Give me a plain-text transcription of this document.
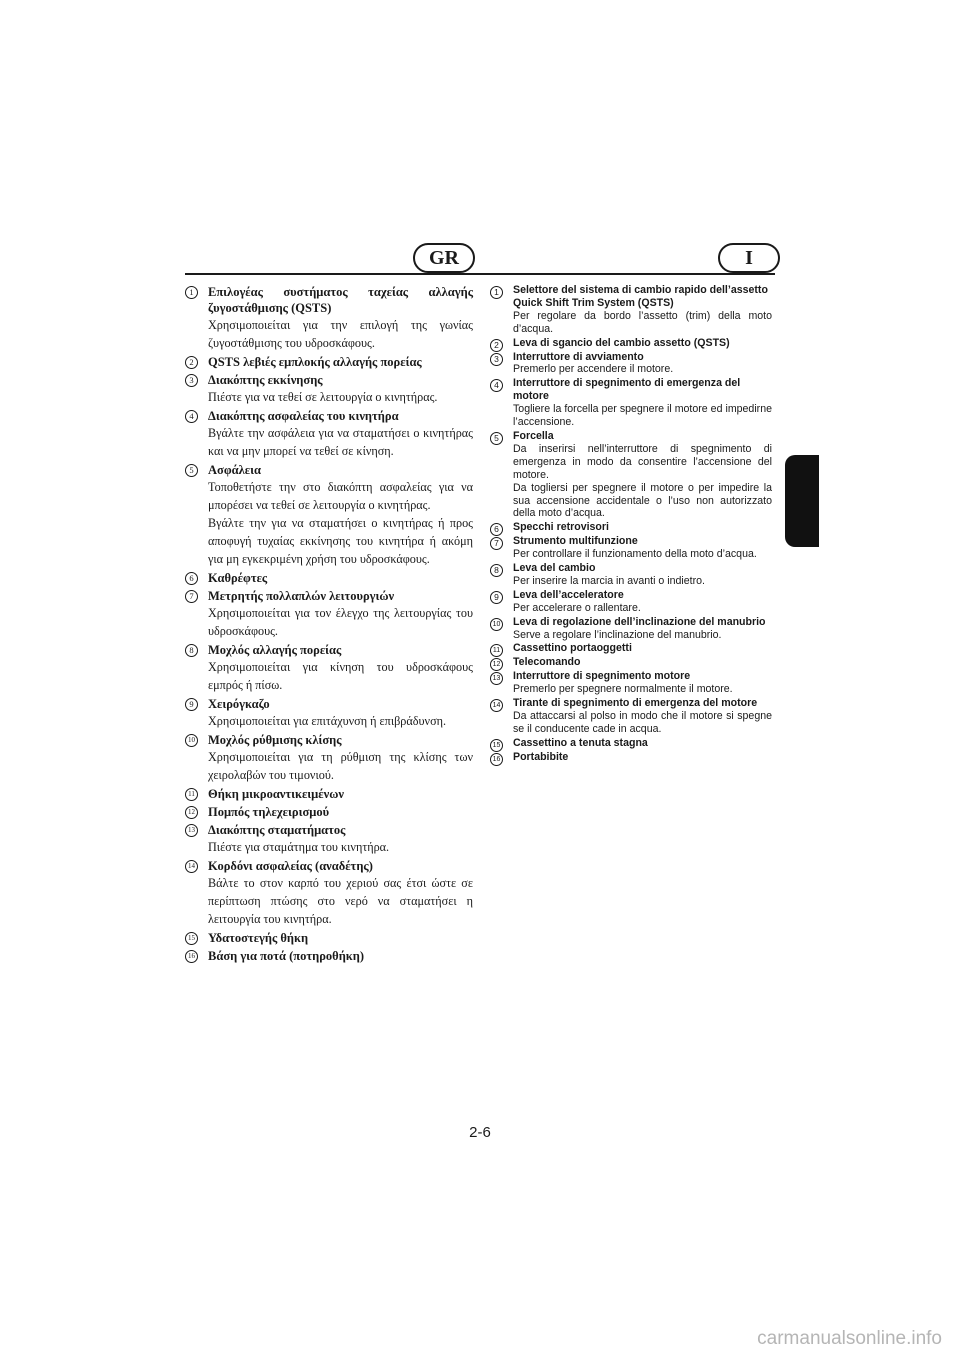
GR	I
1	Επιλογέας συστήματος ταχείας αλλαγής ζυγοστάθμισης (QSTS)
Χρησιμοποιείται για την επιλογή της γωνίας ζυγοστάθμισης του υδροσκάφους.
2	QSTS λεβιές εμπλοκής αλλαγής πορείας
3	Διακόπτης εκκίνησης
Πιέστε για να τεθεί σε λειτουργία ο κινητήρας.
4	Διακόπτης ασφαλείας του κινητήρα
Βγάλτε την ασφάλεια για να σταματήσει ο κινητήρας και να μην μπορεί να τεθεί σε κίνηση.
5	Ασφάλεια
Τοποθετήστε την στο διακόπτη ασφαλείας για να μπορέσει να τεθεί σε λειτουργία ο κινητήρας.
Βγάλτε την για να σταματήσει ο κινητήρας ή προς αποφυγή τυχαίας εκκίνησης του κινητήρα ή ακόμη για μη εγκεκριμένη χρήση του υδροσκάφους.
6	Καθρέφτες
7	Μετρητής πολλαπλών λειτουργιών
Χρησιμοποιείται για τον έλεγχο της λειτουργίας του υδροσκάφους.
8	Μοχλός αλλαγής πορείας
Χρησιμοποιείται για κίνηση του υδροσκάφους εμπρός ή πίσω.
9	Χειρόγκαζο
Χρησιμοποιείται για επιτάχυνση ή επιβράδυνση.
10 Μοχλός ρύθμισης κλίσης
Χρησιμοποιείται για τη ρύθμιση της κλίσης των χειρολαβών του τιμονιού.
11 Θήκη μικροαντικειμένων
12 Πομπός τηλεχειρισμού
13 Διακόπτης σταματήματος
Πιέστε για σταμάτημα του κινητήρα.
14 Κορδόνι ασφαλείας (αναδέτης)
Βάλτε το στον καρπό του χεριού σας έτσι ώστε σε περίπτωση πτώσης στο νερό να σταματήσει η λειτουργία του κινητήρα.
15 Υδατοστεγής θήκη
16 Βάση για ποτά (ποτηροθήκη)
1	Selettore del sistema di cambio rapido dell’assetto Quick Shift Trim System (QSTS)
Per regolare da bordo l’assetto (trim) della moto d’acqua.
2	Leva di sgancio del cambio assetto (QSTS)
3	Interruttore di avviamento
Premerlo per accendere il motore.
4	Interruttore di spegnimento di emergenza del motore
Togliere la forcella per spegnere il motore ed impedirne l’accensione.
5	Forcella
Da inserirsi nell’interruttore di spegnimento di emergenza in modo da consentire l’accensione del motore.
Da togliersi per spegnere il motore o per impedire la sua accensione accidentale o l’uso non autorizzato della moto d’acqua.
6	Specchi retrovisori
7	Strumento multifunzione
Per controllare il funzionamento della moto d’acqua.
8	Leva del cambio
Per inserire la marcia in avanti o indietro.
9	Leva dell’acceleratore
Per accelerare o rallentare.
10 Leva di regolazione dell’inclinazione del manubrio
Serve a regolare l’inclinazione del manubrio.
11 Cassettino portaoggetti
12 Telecomando
13 Interruttore di spegnimento motore
Premerlo per spegnere normalmente il motore.
14 Tirante di spegnimento di emergenza del motore
Da attaccarsi al polso in modo che il motore si spegne se il conducente cade in acqua.
15 Cassettino a tenuta stagna
16 Portabibite
2-6
carmanualsonline.info
